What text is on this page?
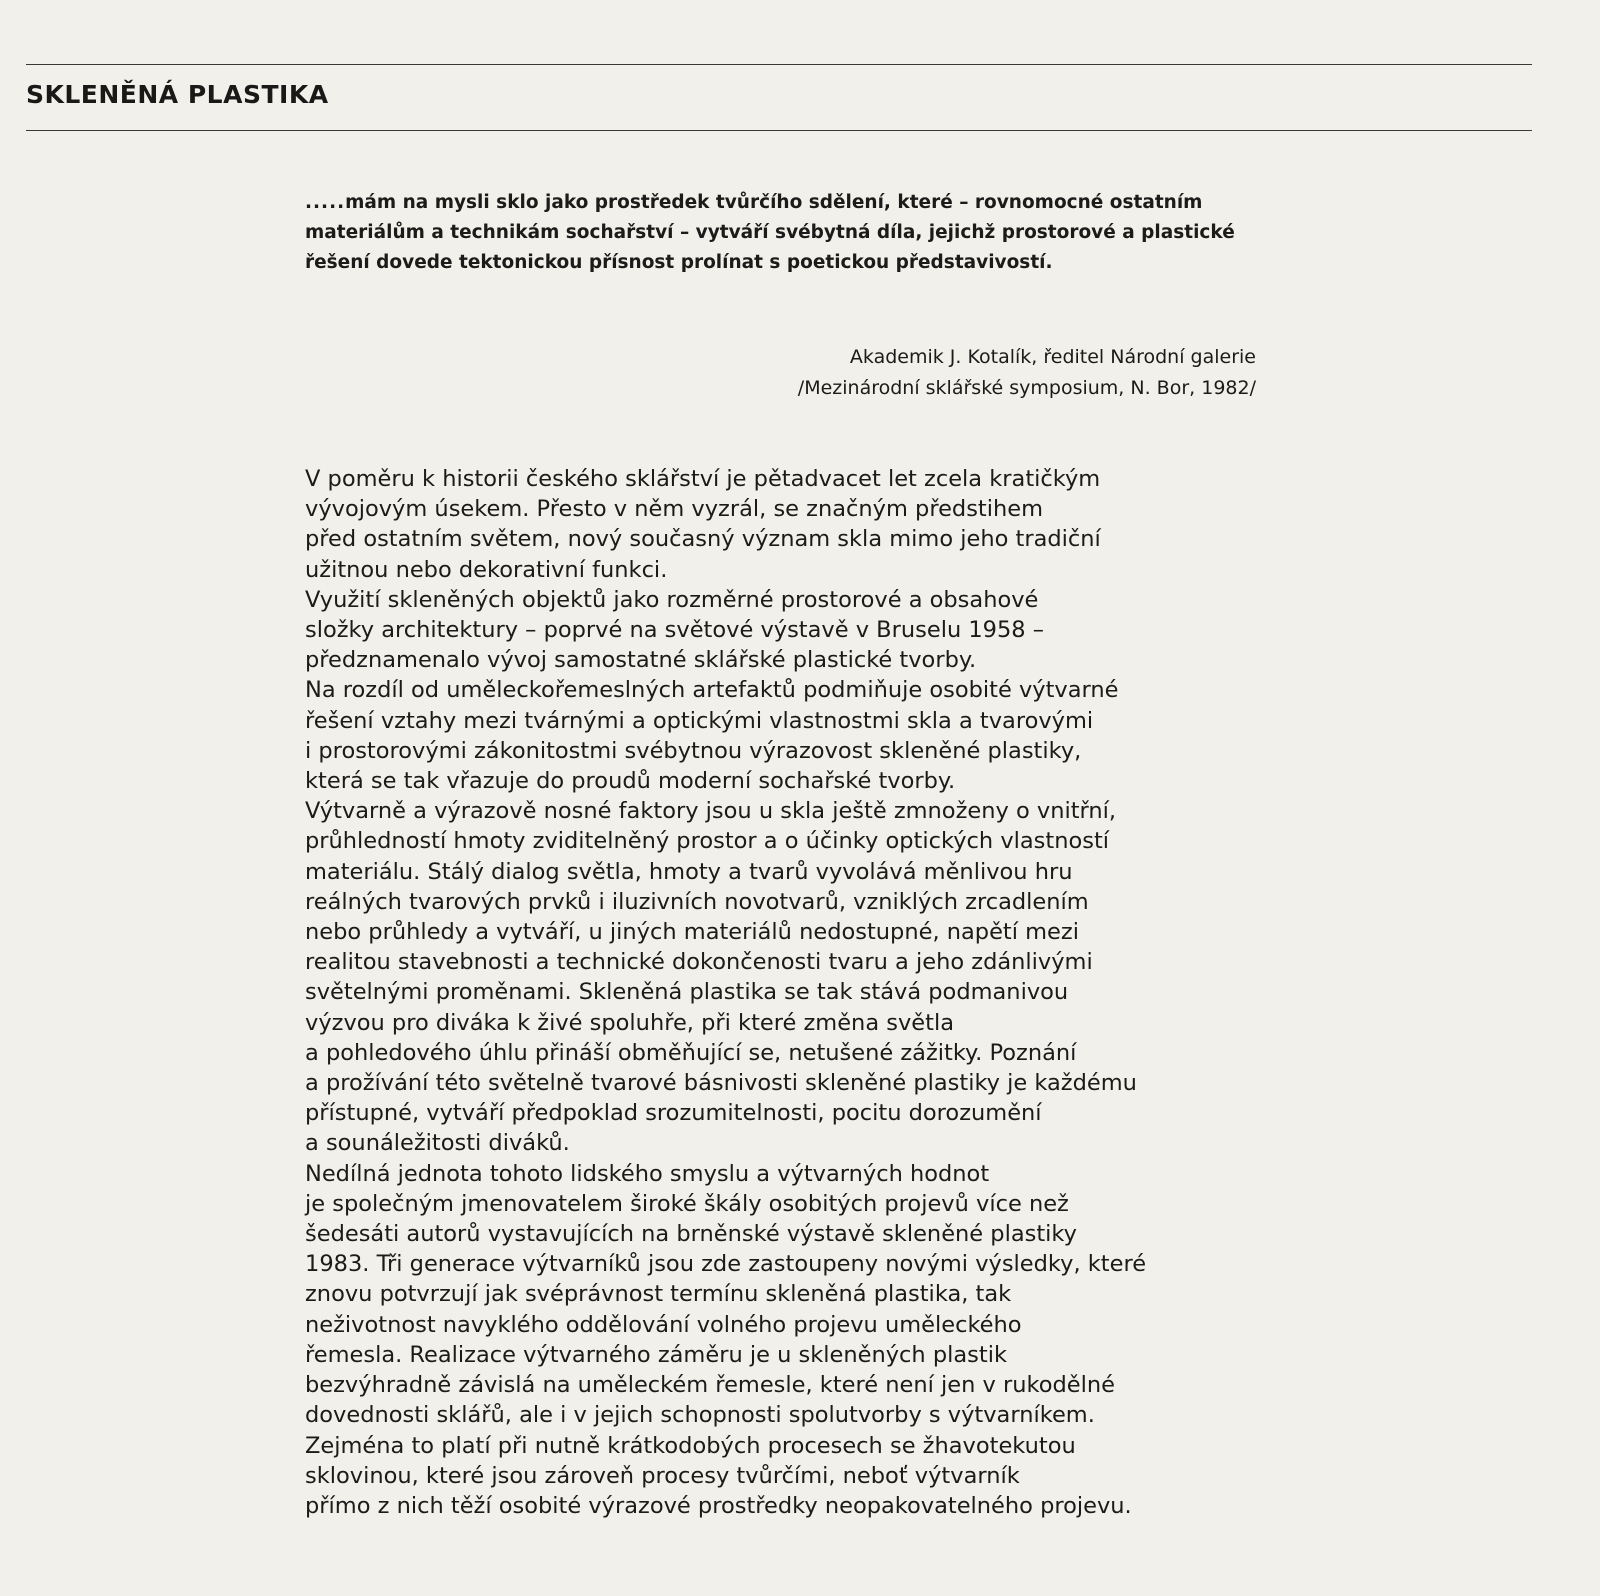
SKLENĚNÁ PLASTIKA
.....mám na mysli sklo jako prostředek tvůrčího sdělení, které – rovnomocné ostatním materiálům a technikám sochařství – vytváří svébytná díla, jejichž prostorové a plastické řešení dovede tektonickou přísnost prolínat s poetickou představivostí.
Akademik J. Kotalík, ředitel Národní galerie
/Mezinárodní sklářské symposium, N. Bor, 1982/
V poměru k historii českého sklářství je pětadvacet let zcela kratičkým
vývojovým úsekem. Přesto v něm vyzrál, se značným předstihem
před ostatním světem, nový současný význam skla mimo jeho tradiční
užitnou nebo dekorativní funkci.
Využití skleněných objektů jako rozměrné prostorové a obsahové
složky architektury – poprvé na světové výstavě v Bruselu 1958 –
předznamenalo vývoj samostatné sklářské plastické tvorby.
Na rozdíl od uměleckořemeslných artefaktů podmiňuje osobité výtvarné
řešení vztahy mezi tvárnými a optickými vlastnostmi skla a tvarovými
i prostorovými zákonitostmi svébytnou výrazovost skleněné plastiky,
která se tak vřazuje do proudů moderní sochařské tvorby.
Výtvarně a výrazově nosné faktory jsou u skla ještě zmnoženy o vnitřní,
průhledností hmoty zviditelněný prostor a o účinky optických vlastností
materiálu. Stálý dialog světla, hmoty a tvarů vyvolává měnlivou hru
reálných tvarových prvků i iluzivních novotvarů, vzniklých zrcadlením
nebo průhledy a vytváří, u jiných materiálů nedostupné, napětí mezi
realitou stavebnosti a technické dokončenosti tvaru a jeho zdánlivými
světelnými proměnami. Skleněná plastika se tak stává podmanivou
výzvou pro diváka k živé spoluhře, při které změna světla
a pohledového úhlu přináší obměňující se, netušené zážitky. Poznání
a prožívání této světelně tvarové básnivosti skleněné plastiky je každému
přístupné, vytváří předpoklad srozumitelnosti, pocitu dorozumění
a sounáležitosti diváků.
Nedílná jednota tohoto lidského smyslu a výtvarných hodnot
je společným jmenovatelem široké škály osobitých projevů více než
šedesáti autorů vystavujících na brněnské výstavě skleněné plastiky
1983. Tři generace výtvarníků jsou zde zastoupeny novými výsledky, které
znovu potvrzují jak svéprávnost termínu skleněná plastika, tak
neživotnost navyklého oddělování volného projevu uměleckého
řemesla. Realizace výtvarného záměru je u skleněných plastik
bezvýhradně závislá na uměleckém řemesle, které není jen v rukodělné
dovednosti sklářů, ale i v jejich schopnosti spolutvorby s výtvarníkem.
Zejména to platí při nutně krátkodobých procesech se žhavotekutou
sklovinou, které jsou zároveň procesy tvůrčími, neboť výtvarník
přímo z nich těží osobité výrazové prostředky neopakovatelného projevu.
